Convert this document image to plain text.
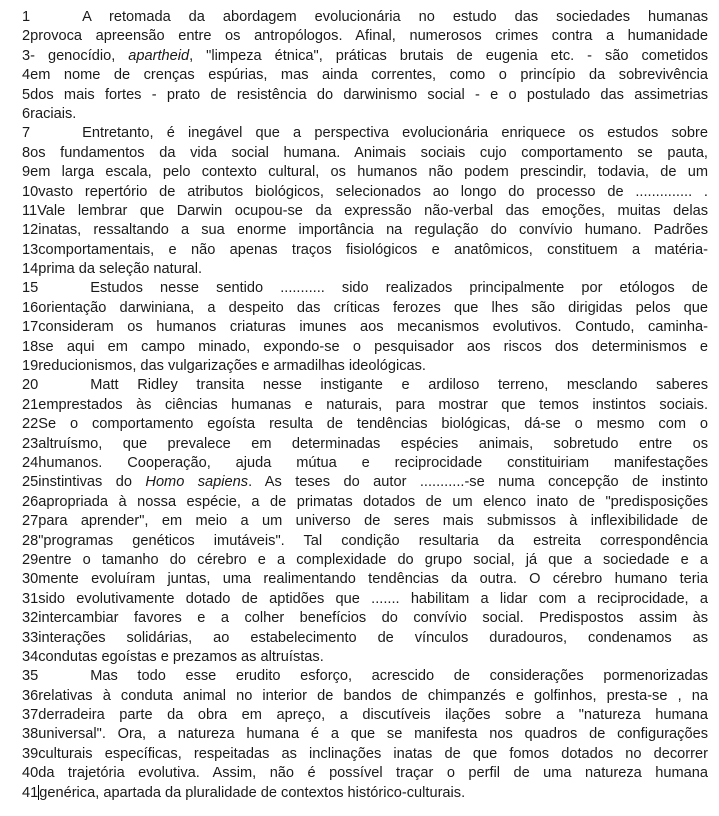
1	A retomada da abordagem evolucionária no estudo das sociedades humanas
2provoca apreensão entre os antropólogos. Afinal, numerosos crimes contra a humanidade
3- genocídio, apartheid, "limpeza étnica", práticas brutais de eugenia etc. - são cometidos
4em nome de crenças espúrias, mas ainda correntes, como o princípio da sobrevivência
5dos mais fortes - prato de resistência do darwinismo social - e o postulado das assimetrias
6raciais.
7	Entretanto, é inegável que a perspectiva evolucionária enriquece os estudos sobre
8os fundamentos da vida social humana. Animais sociais cujo comportamento se pauta,
9em larga escala, pelo contexto cultural, os humanos não podem prescindir, todavia, de um
10vasto repertório de atributos biológicos, selecionados ao longo do processo de .............. .
11Vale lembrar que Darwin ocupou-se da expressão não-verbal das emoções, muitas delas
12inatas, ressaltando a sua enorme importância na regulação do convívio humano. Padrões
13comportamentais, e não apenas traços fisiológicos e anatômicos, constituem a matéria-
14prima da seleção natural.
15	Estudos nesse sentido ........... sido realizados principalmente por etólogos de
16orientação darwiniana, a despeito das críticas ferozes que lhes são dirigidas pelos que
17consideram os humanos criaturas imunes aos mecanismos evolutivos. Contudo, caminha-
18se aqui em campo minado, expondo-se o pesquisador aos riscos dos determinismos e
19reducionismos, das vulgarizações e armadilhas ideológicas.
20	Matt Ridley transita nesse instigante e ardiloso terreno, mesclando saberes
21emprestados às ciências humanas e naturais, para mostrar que temos instintos sociais.
22Se o comportamento egoísta resulta de tendências biológicas, dá-se o mesmo com o
23altruísmo, que prevalece em determinadas espécies animais, sobretudo entre os
24humanos. Cooperação, ajuda mútua e reciprocidade constituiriam manifestações
25instintivas do Homo sapiens. As teses do autor ...........-se numa concepção de instinto
26apropriada à nossa espécie, a de primatas dotados de um elenco inato de "predisposições
27para aprender", em meio a um universo de seres mais submissos à inflexibilidade de
28"programas genéticos imutáveis". Tal condição resultaria da estreita correspondência
29entre o tamanho do cérebro e a complexidade do grupo social, já que a sociedade e a
30mente evoluíram juntas, uma realimentando tendências da outra. O cérebro humano teria
31sido evolutivamente dotado de aptidões que ....... habilitam a lidar com a reciprocidade, a
32intercambiar favores e a colher benefícios do convívio social. Predispostos assim às
33interações solidárias, ao estabelecimento de vínculos duradouros, condenamos as
34condutas egoístas e prezamos as altruístas.
35	Mas todo esse erudito esforço, acrescido de considerações pormenorizadas
36relativas à conduta animal no interior de bandos de chimpanzés e golfinhos, presta-se , na
37derradeira parte da obra em apreço, a discutíveis ilações sobre a "natureza humana
38universal". Ora, a natureza humana é a que se manifesta nos quadros de configurações
39culturais específicas, respeitadas as inclinações inatas de que fomos dotados no decorrer
40da trajetória evolutiva. Assim, não é possível traçar o perfil de uma natureza humana
41genérica, apartada da pluralidade de contextos histórico-culturais.
